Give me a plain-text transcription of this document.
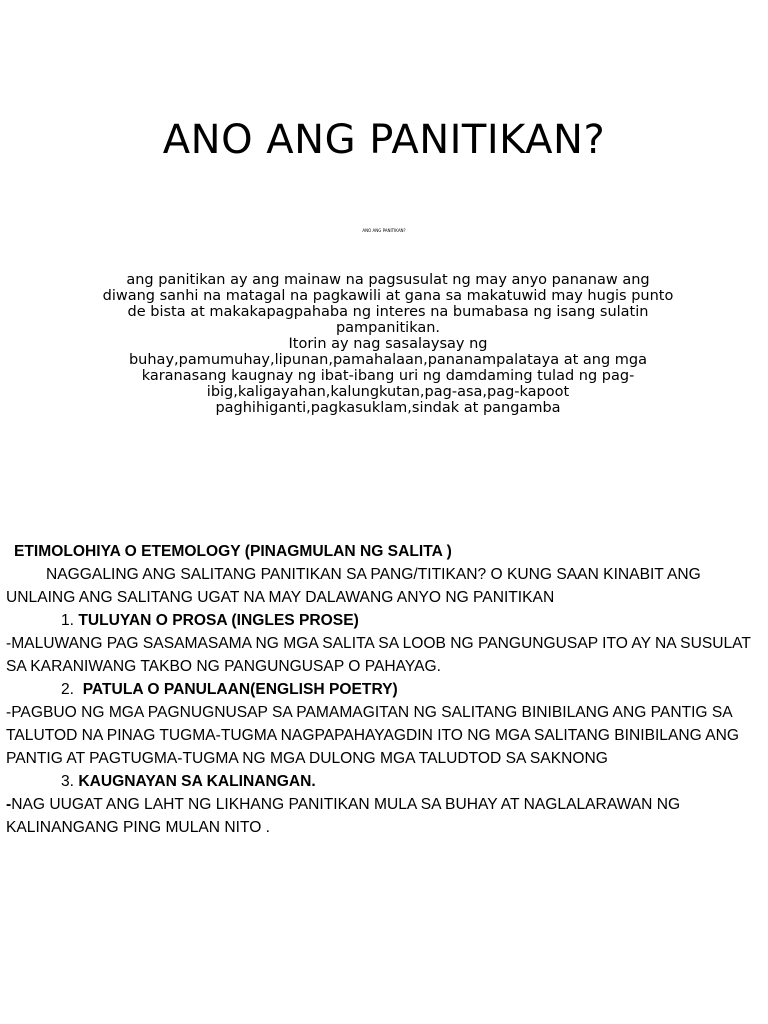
ANO ANG PANITIKAN?
ANO ANG PANITIKAN?

ang panitikan ay ang mainaw na pagsusulat ng may anyo pananaw ang diwang sanhi na matagal na pagkawili at gana sa makatuwid may hugis punto de bista at makakapagpahaba ng interes na bumabasa ng isang sulatin pampanitikan.

Itorin ay nag sasalaysay ng buhay,pamumuhay,lipunan,pamahalaan,pananampalataya at ang mga karanasang kaugnay ng ibat-ibang uri ng damdaming tulad ng pag-ibig,kaligayahan,kalungkutan,pag-asa,pag-kapoot paghihiganti,pagkasuklam,sindak at pangamba

ETIMOLOHIYA O ETEMOLOGY (PINAGMULAN NG SALITA )

NAGGALING ANG SALITANG PANITIKAN SA PANG/TITIKAN? O KUNG SAAN KINABIT ANG UNLAING ANG SALITANG UGAT NA MAY DALAWANG ANYO NG PANITIKAN

1. TULUYAN O PROSA (INGLES PROSE)

-MALUWANG PAG SASAMASAMA NG MGA SALITA SA LOOB NG PANGUNGUSAP ITO AY NA SUSULAT SA KARANIWANG TAKBO NG PANGUNGUSAP O PAHAYAG.

2. PATULA O PANULAAN(ENGLISH POETRY)

-PAGBUO NG MGA PAGNUGNUSAP SA PAMAMAGITAN NG SALITANG BINIBILANG ANG PANTIG SA TALUTOD NA PINAG TUGMA-TUGMA NAGPAPAHAYAGDIN ITO NG MGA SALITANG BINIBILANG ANG PANTIG AT PAGTUGMA-TUGMA NG MGA DULONG MGA TALUDTOD SA SAKNONG

3. KAUGNAYAN SA KALINANGAN.

-NAG UUGAT ANG LAHT NG LIKHANG PANITIKAN MULA SA BUHAY AT NAGLALARAWAN NG KALINANGANG PING MULAN NITO .
